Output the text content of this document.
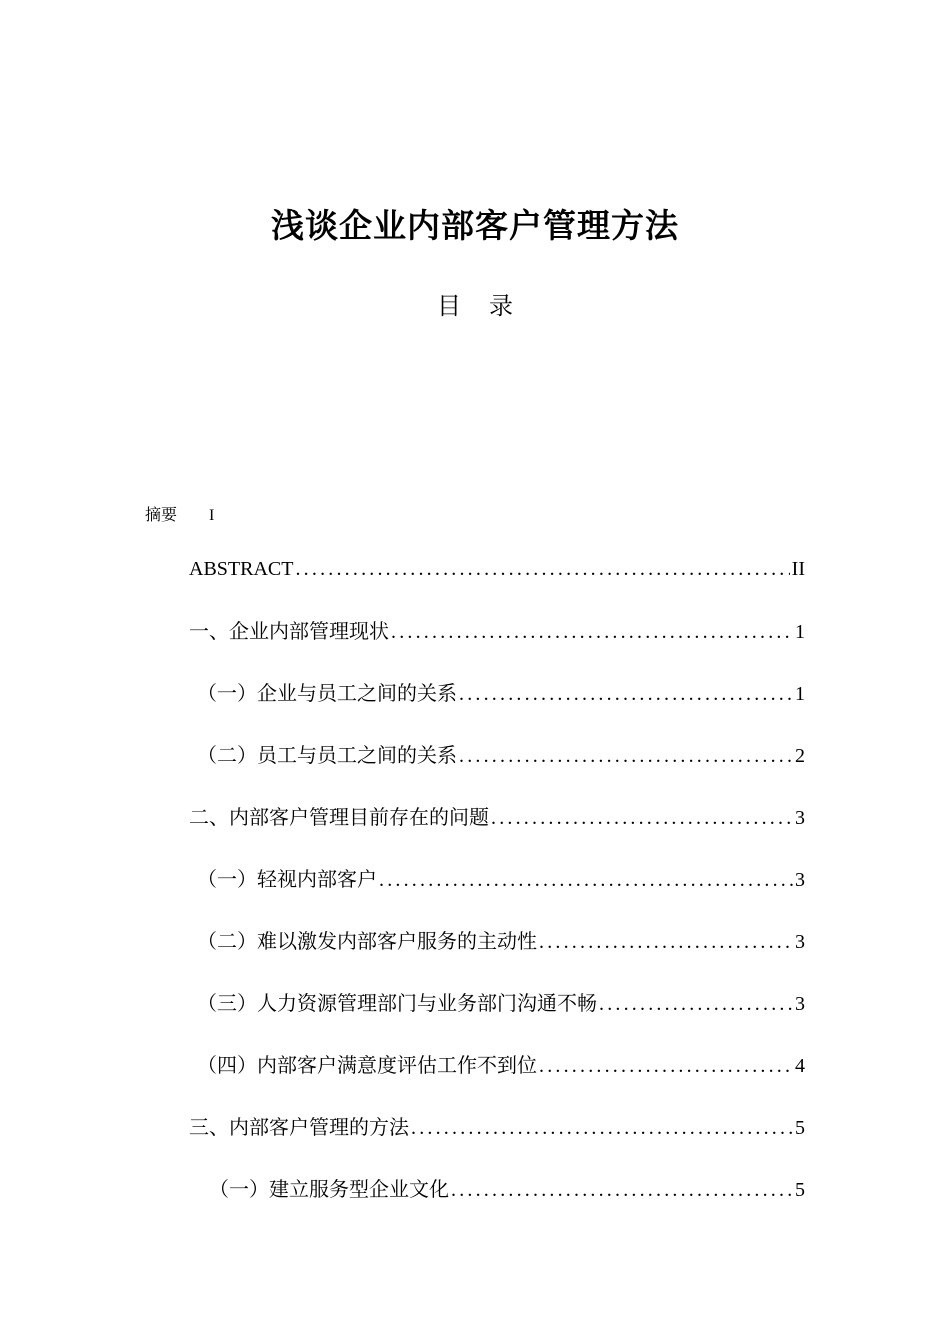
浅谈企业内部客户管理方法
目 录
摘要 I
ABSTRACT .....	II
一、企业内部管理现状 .....	1
（一）企业与员工之间的关系 .....	1
（二）员工与员工之间的关系 .....	2
二、内部客户管理目前存在的问题 .....	3
（一）轻视内部客户 .....	3
（二）难以激发内部客户服务的主动性 .....	3
（三）人力资源管理部门与业务部门沟通不畅 .....	3
（四）内部客户满意度评估工作不到位 .....	4
三、内部客户管理的方法 .....	5
（一）建立服务型企业文化 .....	5
